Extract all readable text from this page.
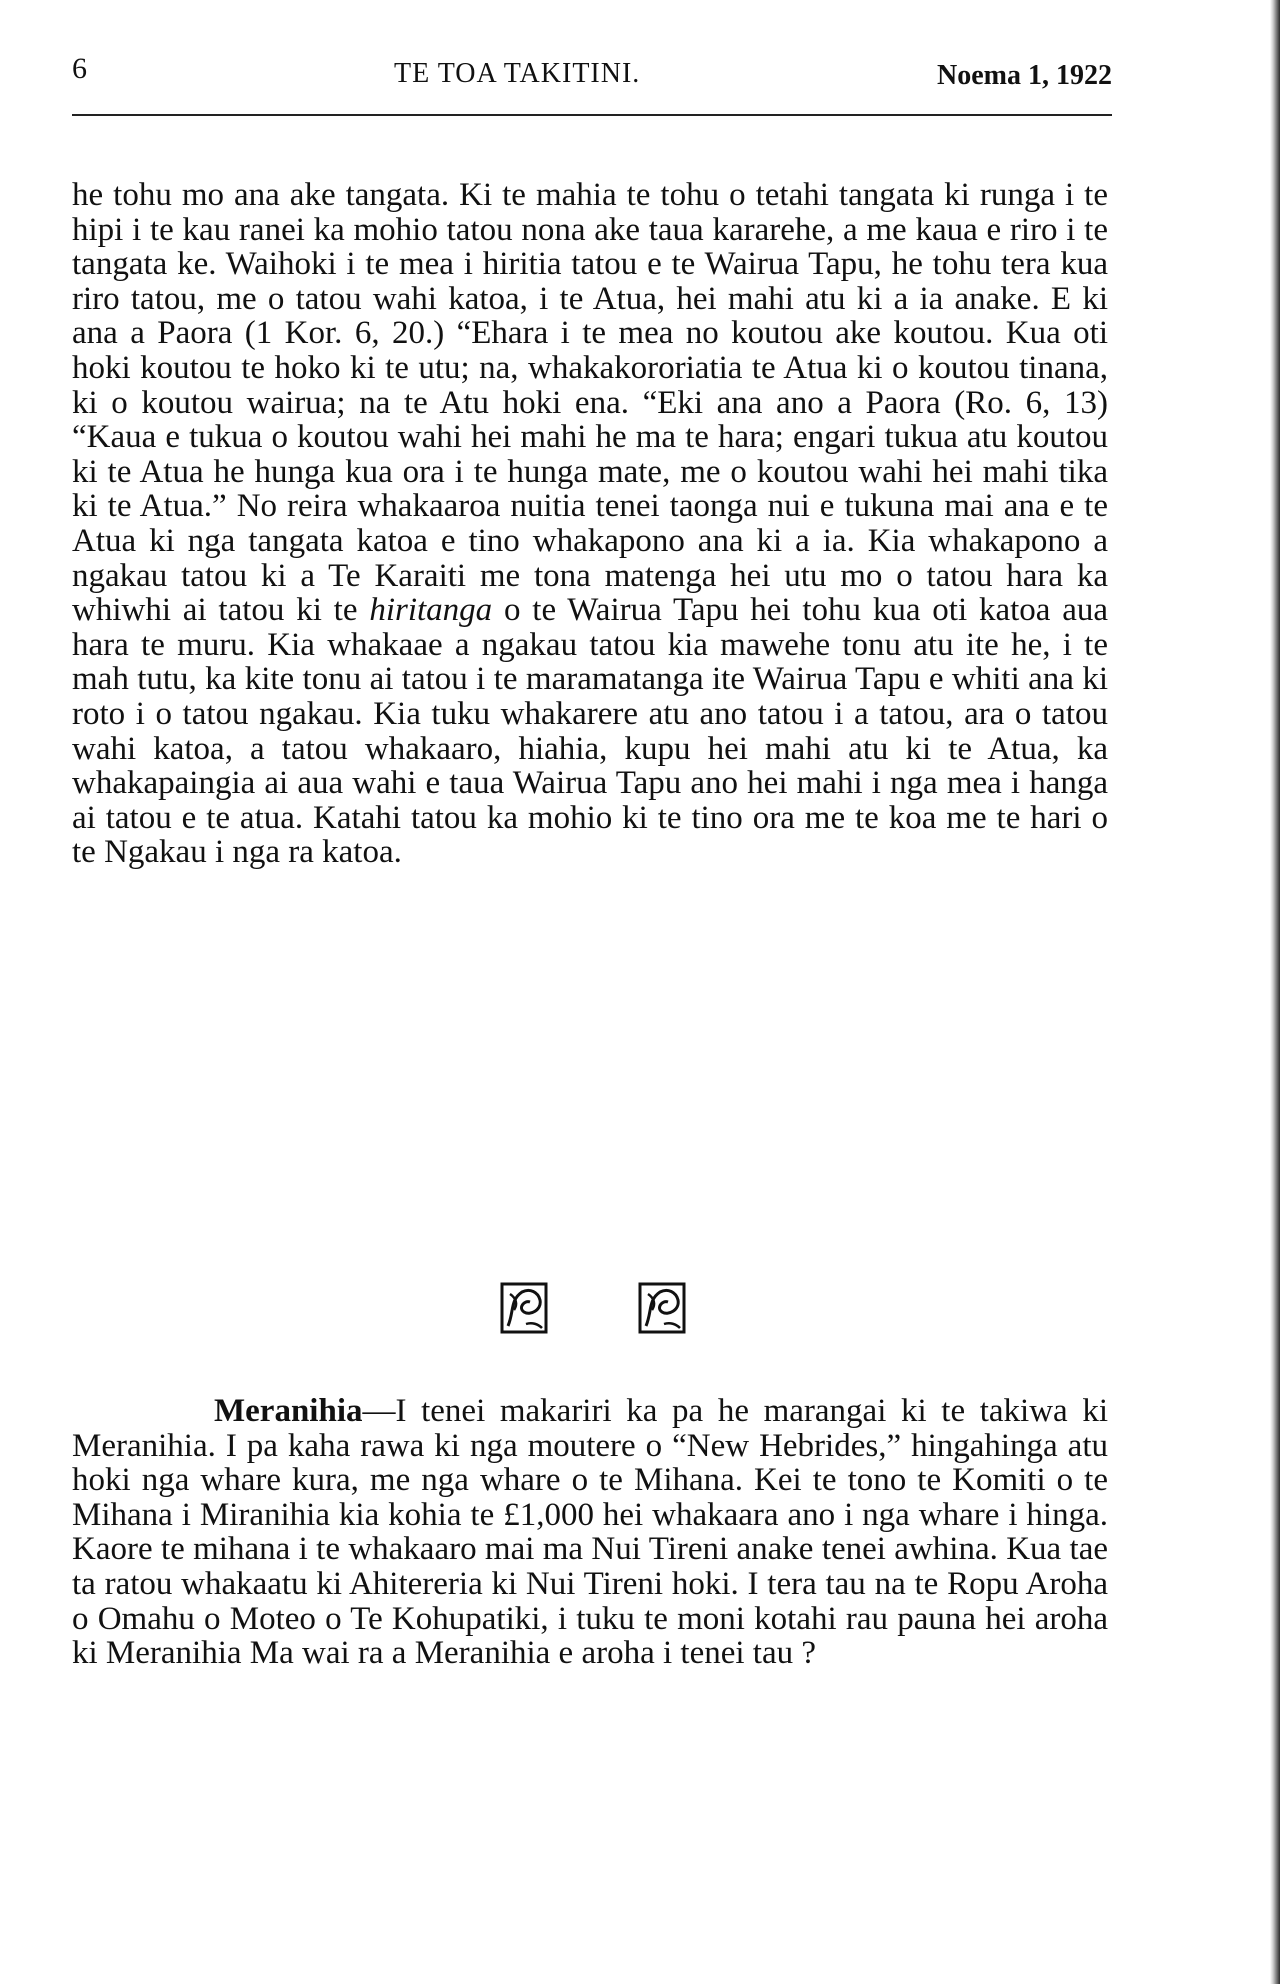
6	TE TOA TAKITINI.	Noema 1, 1922

he tohu mo ana ake tangata. Ki te mahia te tohu o tetahi tangata ki runga i te hipi i te kau ranei ka mohio tatou nona ake taua kararehe, a me kaua e riro i te tangata ke. Waihoki i te mea i hiritia tatou e te Wairua Tapu, he tohu tera kua riro tatou, me o tatou wahi katoa, i te Atua, hei mahi atu ki a ia anake. E ki ana a Paora (1 Kor. 6, 20.) “Ehara i te mea no koutou ake koutou. Kua oti hoki koutou te hoko ki te utu; na, whakakororiatia te Atua ki o koutou tinana, ki o koutou wairua; na te Atu hoki ena. “Eki ana ano a Paora (Ro. 6, 13) “Kaua e tukua o koutou wahi hei mahi he ma te hara; engari tukua atu koutou ki te Atua he hunga kua ora i te hunga mate, me o koutou wahi hei mahi tika ki te Atua.” No reira whakaaroa nuitia tenei taonga nui e tukuna mai ana e te Atua ki nga tangata katoa e tino whakapono ana ki a ia. Kia whakapono a ngakau tatou ki a Te Karaiti me tona matenga hei utu mo o tatou hara ka whiwhi ai tatou ki te hiritanga o te Wairua Tapu hei tohu kua oti katoa aua hara te muru. Kia whakaae a ngakau tatou kia mawehe tonu atu ite he, i te mah tutu, ka kite tonu ai tatou i te maramatanga ite Wairua Tapu e whiti ana ki roto i o tatou ngakau. Kia tuku whakarere atu ano tatou i a tatou, ara o tatou wahi katoa, a tatou whakaaro, hiahia, kupu hei mahi atu ki te Atua, ka whakapaingia ai aua wahi e taua Wairua Tapu ano hei mahi i nga mea i hanga ai tatou e te atua. Katahi tatou ka mohio ki te tino ora me te koa me te hari o te Ngakau i nga ra katoa.

Meranihia—I tenei makariri ka pa he marangai ki te takiwa ki Meranihia. I pa kaha rawa ki nga moutere o “New Hebrides,” hingahinga atu hoki nga whare kura, me nga whare o te Mihana. Kei te tono te Komiti o te Mihana i Miranihia kia kohia te £1,000 hei whakaara ano i nga whare i hinga. Kaore te mihana i te whakaaro mai ma Nui Tireni anake tenei awhina. Kua tae ta ratou whakaatu ki Ahitereria ki Nui Tireni hoki. I tera tau na te Ropu Aroha o Omahu o Moteo o Te Kohupatiki, i tuku te moni kotahi rau pauna hei aroha ki Meranihia Ma wai ra a Meranihia e aroha i tenei tau ?
